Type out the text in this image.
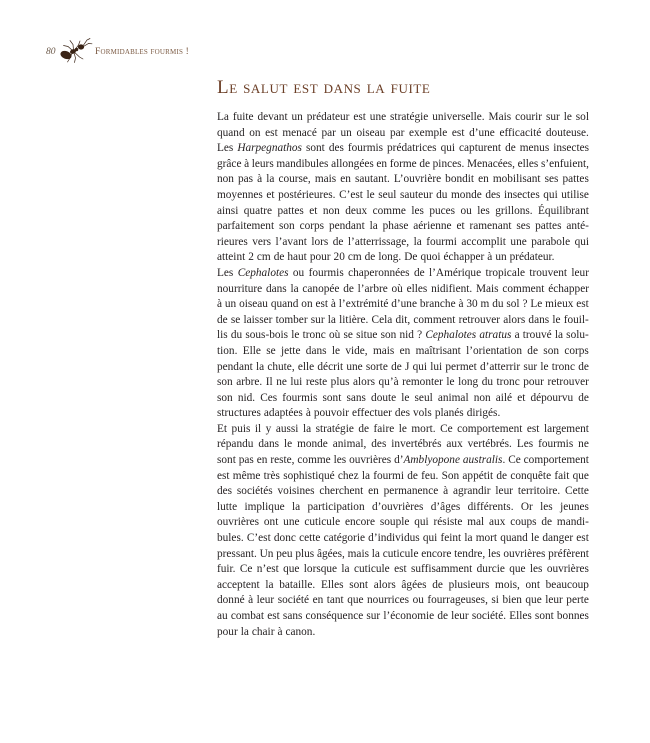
80	Formidables fourmis !
Le salut est dans la fuite
La fuite devant un prédateur est une stratégie universelle. Mais courir sur le sol
quand on est menacé par un oiseau par exemple est d’une efficacité douteuse.
Les Harpegnathos sont des fourmis prédatrices qui capturent de menus insectes
grâce à leurs mandibules allongées en forme de pinces. Menacées, elles s’enfuient,
non pas à la course, mais en sautant. L’ouvrière bondit en mobilisant ses pattes
moyennes et postérieures. C’est le seul sauteur du monde des insectes qui utilise
ainsi quatre pattes et non deux comme les puces ou les grillons. Équilibrant
parfaitement son corps pendant la phase aérienne et ramenant ses pattes anté-
rieures vers l’avant lors de l’atterrissage, la fourmi accomplit une parabole qui
atteint 2 cm de haut pour 20 cm de long. De quoi échapper à un prédateur.
Les Cephalotes ou fourmis chaperonnées de l’Amérique tropicale trouvent leur
nourriture dans la canopée de l’arbre où elles nidifient. Mais comment échapper
à un oiseau quand on est à l’extrémité d’une branche à 30 m du sol ? Le mieux est
de se laisser tomber sur la litière. Cela dit, comment retrouver alors dans le fouil-
lis du sous-bois le tronc où se situe son nid ? Cephalotes atratus a trouvé la solu-
tion. Elle se jette dans le vide, mais en maîtrisant l’orientation de son corps
pendant la chute, elle décrit une sorte de J qui lui permet d’atterrir sur le tronc de
son arbre. Il ne lui reste plus alors qu’à remonter le long du tronc pour retrouver
son nid. Ces fourmis sont sans doute le seul animal non ailé et dépourvu de
structures adaptées à pouvoir effectuer des vols planés dirigés.
Et puis il y aussi la stratégie de faire le mort. Ce comportement est largement
répandu dans le monde animal, des invertébrés aux vertébrés. Les fourmis ne
sont pas en reste, comme les ouvrières d’Amblyopone australis. Ce comportement
est même très sophistiqué chez la fourmi de feu. Son appétit de conquête fait que
des sociétés voisines cherchent en permanence à agrandir leur territoire. Cette
lutte implique la participation d’ouvrières d’âges différents. Or les jeunes
ouvrières ont une cuticule encore souple qui résiste mal aux coups de mandi-
bules. C’est donc cette catégorie d’individus qui feint la mort quand le danger est
pressant. Un peu plus âgées, mais la cuticule encore tendre, les ouvrières préfèrent
fuir. Ce n’est que lorsque la cuticule est suffisamment durcie que les ouvrières
acceptent la bataille. Elles sont alors âgées de plusieurs mois, ont beaucoup
donné à leur société en tant que nourrices ou fourrageuses, si bien que leur perte
au combat est sans conséquence sur l’économie de leur société. Elles sont bonnes
pour la chair à canon.
